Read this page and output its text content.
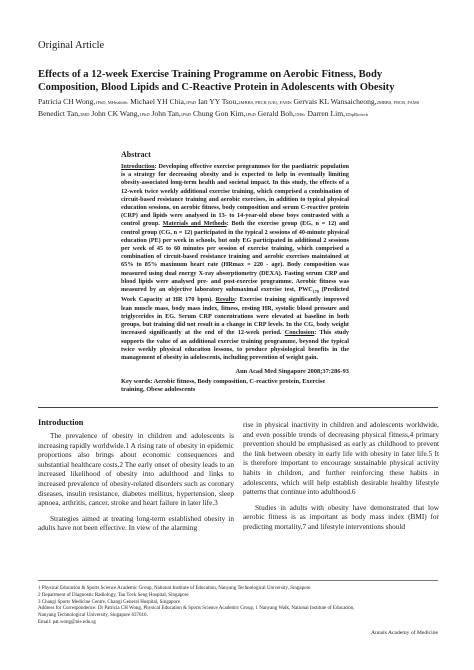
Original Article
Effects of a 12-week Exercise Training Programme on Aerobic Fitness, Body Composition, Blood Lipids and C-Reactive Protein in Adolescents with Obesity
Patricia CH Wong,1PhD, MHealthSc Michael YH Chia,1PhD Ian YY Tsou,2MBBS, FRCR (UK), FAMS Gervais KL Wansaicheong,2MBBS, FRCR, FAMS Benedict Tan,3MD John CK Wang,1PhD John Tan,1PhD Chung Gon Kim,1PhD Gerald Boh,1MSc Darren Lim,1DipBiotech
Abstract
Introduction: Developing effective exercise programmes for the paediatric population is a strategy for decreasing obesity and is expected to help in eventually limiting obesity-associated long-term health and societal impact. In this study, the effects of a 12-week twice weekly additional exercise training, which comprised a combination of circuit-based resistance training and aerobic exercises, in addition to typical physical education sessions, on aerobic fitness, body composition and serum C-reactive protein (CRP) and lipids were analysed in 13- to 14-year-old obese boys contrasted with a control group. Materials and Methods: Both the exercise group (EG, n = 12) and control group (CG, n = 12) participated in the typical 2 sessions of 40-minute physical education (PE) per week in schools, but only EG participated in additional 2 sessions per week of 45 to 60 minutes per session of exercise training, which comprised a combination of circuit-based resistance training and aerobic exercises maintained at 65% to 85% maximum heart rate (HRmax = 220 - age). Body composition was measured using dual energy X-ray absorptiometry (DEXA). Fasting serum CRP and blood lipids were analysed pre- and post-exercise programme. Aerobic fitness was measured by an objective laboratory submaximal exercise test, $PWC_{170}$ (Predicted Work Capacity at HR 170 bpm). Results: Exercise training significantly improved lean muscle mass, body mass index, fitness, resting HR, systolic blood pressure and triglycerides in EG. Serum CRP concentrations were elevated at baseline in both groups, but training did not result in a change in CRP levels. In the CG, body weight increased significantly at the end of the 12-week period. Conclusion: This study supports the value of an additional exercise training programme, beyond the typical twice weekly physical education lessons, to produce physiological benefits in the management of obesity in adolescents, including prevention of weight gain.
Ann Acad Med Singapore 2008;37:286-93
Key words: Aerobic fitness, Body composition, C-reactive protein, Exercise training, Obese adolescents
Introduction

The prevalence of obesity in children and adolescents is increasing rapidly worldwide.1 A rising rate of obesity in epidemic proportions also brings about economic consequences and substantial healthcare costs.2 The early onset of obesity leads to an increased likelihood of obesity into adulthood and links to increased prevalence of obesity-related disorders such as coronary diseases, insulin resistance, diabetes mellitus, hypertension, sleep apnoea, arthritis, cancer, stroke and heart failure in later life.3

Strategies aimed at treating long-term established obesity in adults have not been effective. In view of the alarming

rise in physical inactivity in children and adolescents worldwide, and even possible trends of decreasing physical fitness,4 primary prevention should be emphasised as early as childhood to prevent the link between obesity in early life with obesity in later life.5 It is therefore important to encourage sustainable physical activity habits in children, and further reinforcing these habits in adolescents, which will help establish desirable healthy lifestyle patterns that continue into adulthood.6

Studies in adults with obesity have demonstrated that low aerobic fitness is as important as body mass index (BMI) for predicting mortality,7 and lifestyle interventions should

1 Physical Education & Sports Science Academic Group, National Institute of Education, Nanyang Technological University, Singapore
2 Department of Diagnostic Radiology, Tan Tock Seng Hospital, Singapore
3 Changi Sports Medicine Centre, Changi General Hospital, Singapore
Address for Correspondence: Dr Patricia CH Wong, Physical Education & Sports Science Academic Group, 1 Nanyang Walk, National Institute of Education,
Nanyang Technological University, Singapore 637616.
Email: pat.wong@nie.edu.sg
Annals Academy of Medicine
